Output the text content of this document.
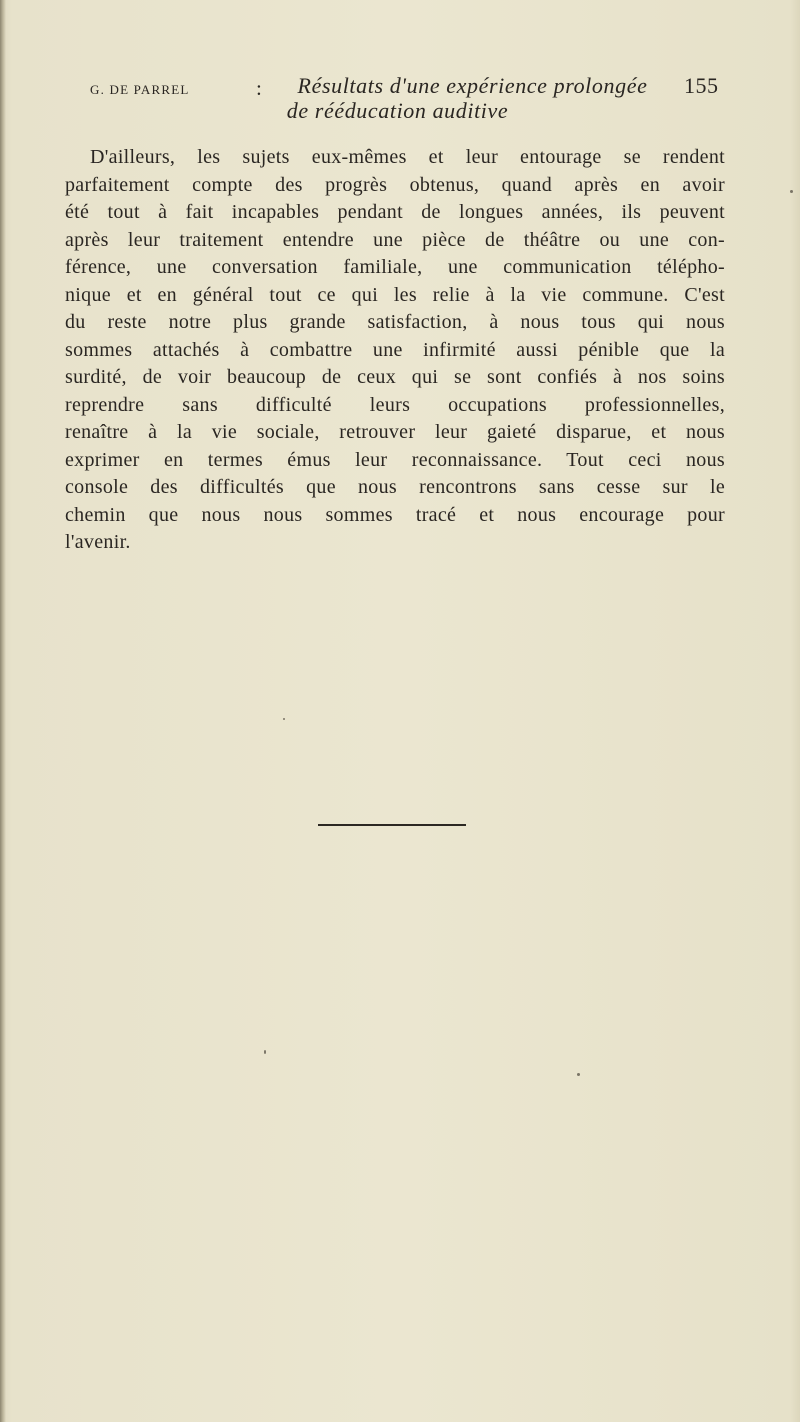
G. DE PARREL	:	Résultats d'une expérience prolongée
de rééducation auditive
155
D'ailleurs, les sujets eux-mêmes et leur entourage se rendent
parfaitement compte des progrès obtenus, quand après en avoir
été tout à fait incapables pendant de longues années, ils peuvent
après leur traitement entendre une pièce de théâtre ou une con-
férence, une conversation familiale, une communication télépho-
nique et en général tout ce qui les relie à la vie commune. C'est
du reste notre plus grande satisfaction, à nous tous qui nous
sommes attachés à combattre une infirmité aussi pénible que la
surdité, de voir beaucoup de ceux qui se sont confiés à nos soins
reprendre sans difficulté leurs occupations professionnelles,
renaître à la vie sociale, retrouver leur gaieté disparue, et nous
exprimer en termes émus leur reconnaissance. Tout ceci nous
console des difficultés que nous rencontrons sans cesse sur le
chemin que nous nous sommes tracé et nous encourage pour
l'avenir.
